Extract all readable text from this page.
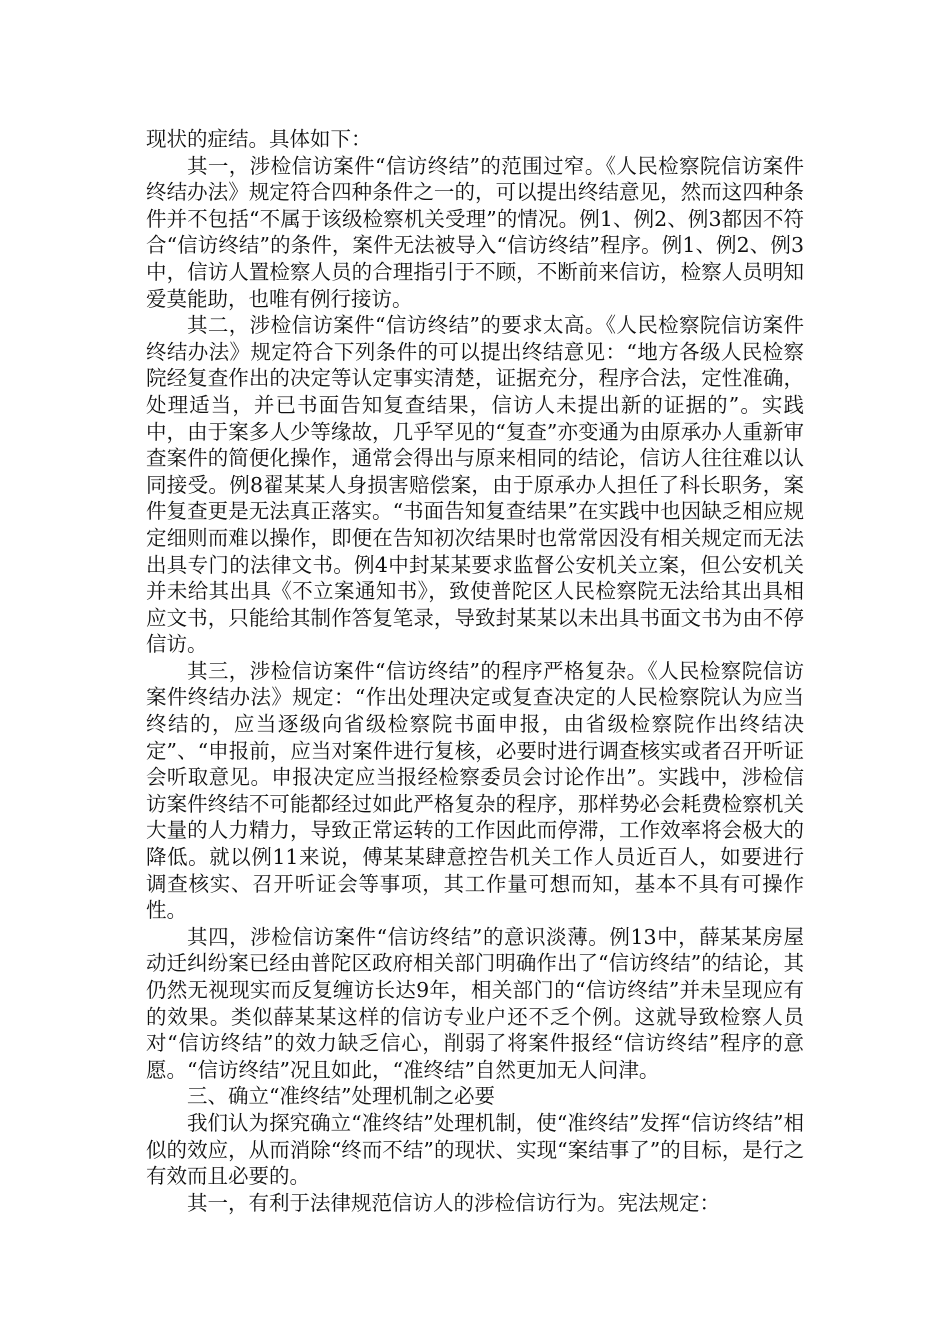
现状的症结。具体如下：

其一，涉检信访案件“信访终结”的范围过窄。《人民检察院信访案件终结办法》规定符合四种条件之一的，可以提出终结意见，然而这四种条件并不包括“不属于该级检察机关受理”的情况。例1、例2、例3都因不符合“信访终结”的条件，案件无法被导入“信访终结”程序。例1、例2、例3中，信访人置检察人员的合理指引于不顾，不断前来信访，检察人员明知爱莫能助，也唯有例行接访。

其二，涉检信访案件“信访终结”的要求太高。《人民检察院信访案件终结办法》规定符合下列条件的可以提出终结意见：“地方各级人民检察院经复查作出的决定等认定事实清楚，证据充分，程序合法，定性准确，处理适当，并已书面告知复查结果，信访人未提出新的证据的”。实践中，由于案多人少等缘故，几乎罕见的“复查”亦变通为由原承办人重新审查案件的简便化操作，通常会得出与原来相同的结论，信访人往往难以认同接受。例8翟某某人身损害赔偿案，由于原承办人担任了科长职务，案件复查更是无法真正落实。“书面告知复查结果”在实践中也因缺乏相应规定细则而难以操作，即便在告知初次结果时也常常因没有相关规定而无法出具专门的法律文书。例4中封某某要求监督公安机关立案，但公安机关并未给其出具《不立案通知书》，致使普陀区人民检察院无法给其出具相应文书，只能给其制作答复笔录，导致封某某以未出具书面文书为由不停信访。

其三，涉检信访案件“信访终结”的程序严格复杂。《人民检察院信访案件终结办法》规定：“作出处理决定或复查决定的人民检察院认为应当终结的，应当逐级向省级检察院书面申报，由省级检察院作出终结决定”、“申报前，应当对案件进行复核，必要时进行调查核实或者召开听证会听取意见。申报决定应当报经检察委员会讨论作出”。实践中，涉检信访案件终结不可能都经过如此严格复杂的程序，那样势必会耗费检察机关大量的人力精力，导致正常运转的工作因此而停滞，工作效率将会极大的降低。就以例11来说，傅某某肆意控告机关工作人员近百人，如要进行调查核实、召开听证会等事项，其工作量可想而知，基本不具有可操作性。

其四，涉检信访案件“信访终结”的意识淡薄。例13中，薛某某房屋动迁纠纷案已经由普陀区政府相关部门明确作出了“信访终结”的结论，其仍然无视现实而反复缠访长达9年，相关部门的“信访终结”并未呈现应有的效果。类似薛某某这样的信访专业户还不乏个例。这就导致检察人员对“信访终结”的效力缺乏信心，削弱了将案件报经“信访终结”程序的意愿。“信访终结”况且如此，“准终结”自然更加无人问津。

三、确立“准终结”处理机制之必要

我们认为探究确立“准终结”处理机制，使“准终结”发挥“信访终结”相似的效应，从而消除“终而不结”的现状、实现“案结事了”的目标，是行之有效而且必要的。

其一，有利于法律规范信访人的涉检信访行为。宪法规定：
